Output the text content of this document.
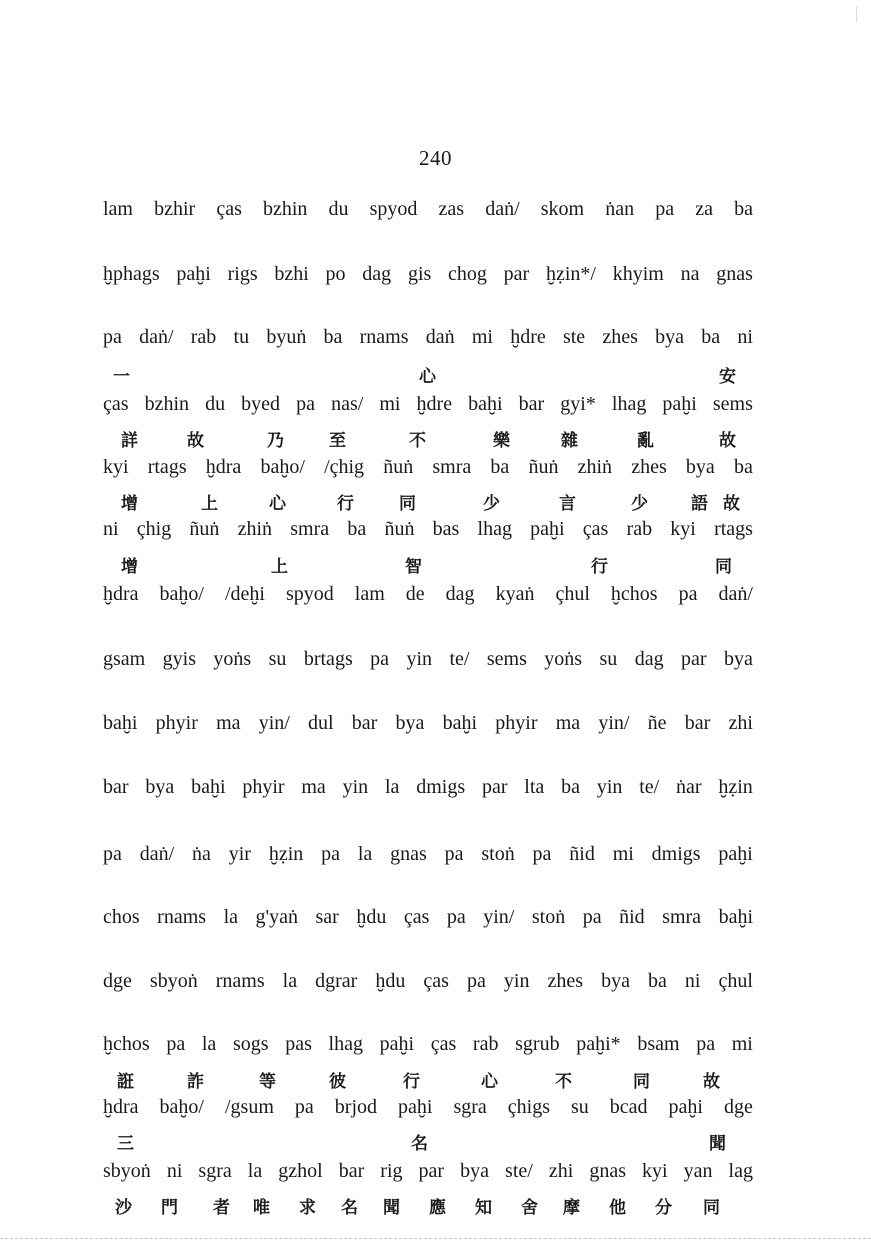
240
lam bzhir ças bzhin du spyod zas daṅ/ skom ṅan pa za ba
ḫphags paḫi rigs bzhi po dag gis chog par ḫẓin*/ khyim na gnas
pa daṅ/ rab tu byuṅ ba rnams daṅ mi ḫdre ste zhes bya ba ni
ças bzhin du byed pa nas/ mi ḫdre baḫi bar gyi* lhag paḫi sems
kyi rtags ḫdra baḫo/ /çhig ñuṅ smra ba ñuṅ zhiṅ zhes bya ba
ni çhig ñuṅ zhiṅ smra ba ñuṅ bas lhag paḫi ças rab kyi rtags
ḫdra baḫo/ /deḫi spyod lam de dag kyaṅ çhul ḫchos pa daṅ/
gsam gyis yoṅs su brtags pa yin te/ sems yoṅs su dag par bya
baḫi phyir ma yin/ dul bar bya baḫi phyir ma yin/ ñe bar zhi
bar bya baḫi phyir ma yin la dmigs par lta ba yin te/ ṅar ḫẓin
pa daṅ/ ṅa yir ḫẓin pa la gnas pa stoṅ pa ñid mi dmigs paḫi
chos rnams la g'yaṅ sar ḫdu ças pa yin/ stoṅ pa ñid smra baḫi
dge sbyoṅ rnams la dgrar ḫdu ças pa yin zhes bya ba ni çhul
ḫchos pa la sogs pas lhag paḫi ças rab sgrub paḫi* bsam pa mi
ḫdra baḫo/ /gsum pa brjod paḫi sgra çhigs su bcad paḫi dge
sbyoṅ ni sgra la gzhol bar rig par bya ste/ zhi gnas kyi yan lag
一	心	安
詳	故	乃	至	不	樂	雜	亂	故
增	上	心	行	同	少	言	少	語 故
增	上	智	行	同
誑	詐	等	彼	行	心	不	同	故
三	名	聞
沙 門 者 唯 求 名 聞 應 知 舍 摩 他 分 同
